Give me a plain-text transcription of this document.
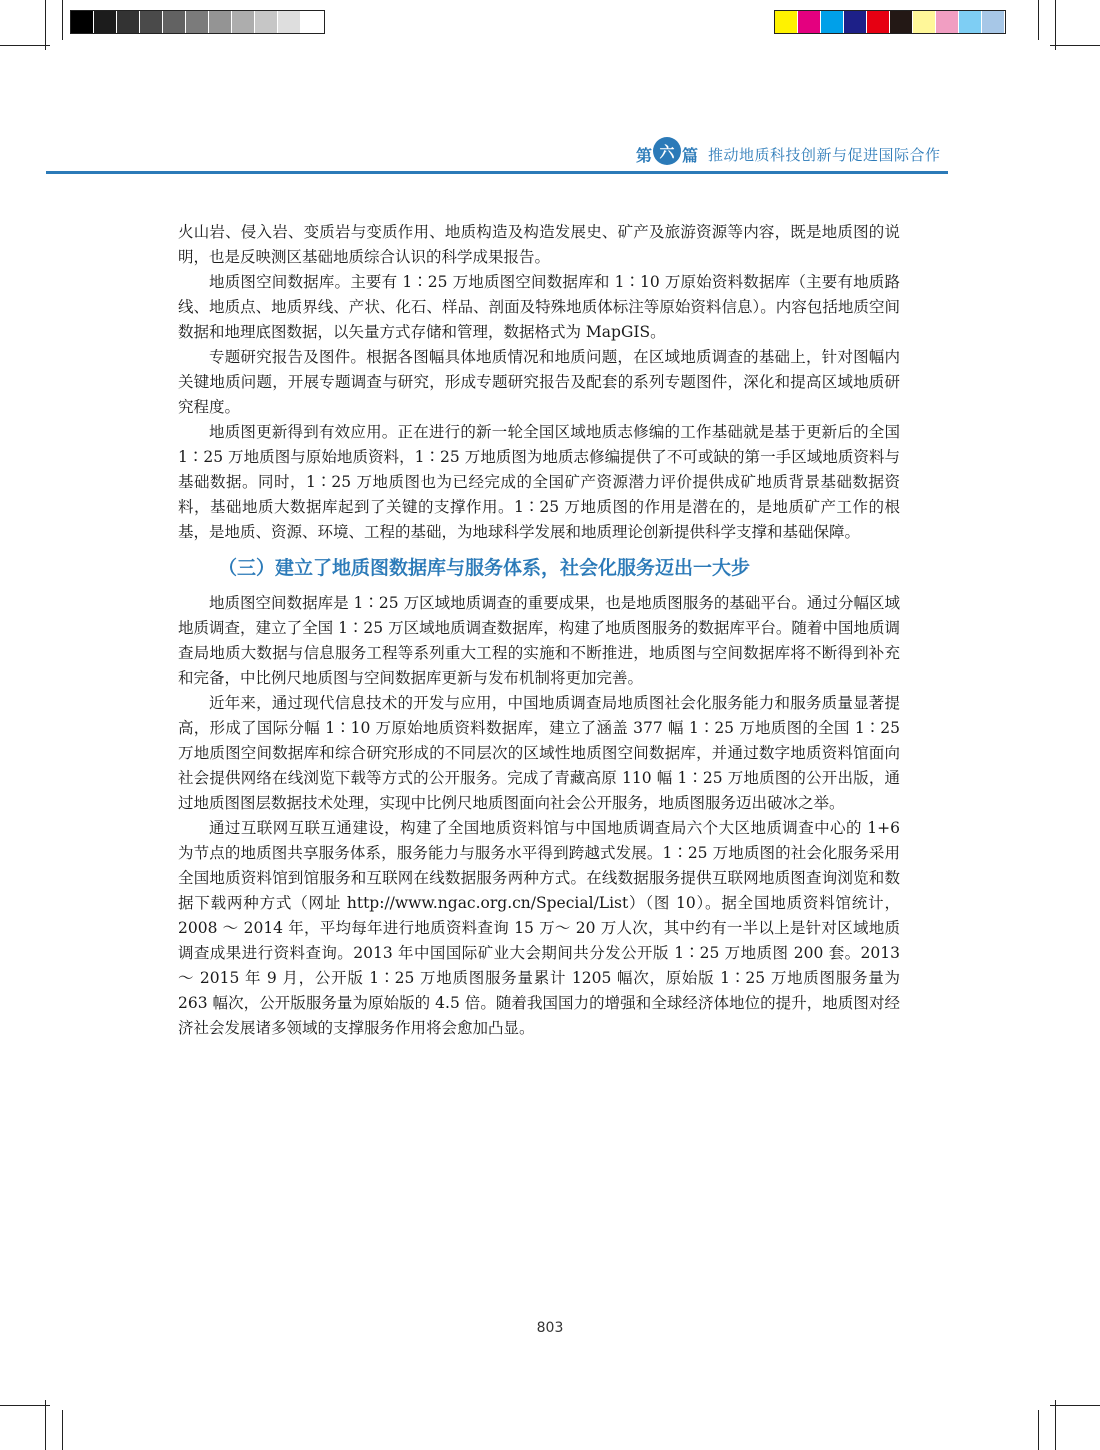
第 六 篇 推动地质科技创新与促进国际合作

火山岩、侵入岩、变质岩与变质作用、地质构造及构造发展史、矿产及旅游资源等内容，既是地质图的说明，也是反映测区基础地质综合认识的科学成果报告。

地质图空间数据库。主要有 1∶25 万地质图空间数据库和 1∶10 万原始资料数据库（主要有地质路线、地质点、地质界线、产状、化石、样品、剖面及特殊地质体标注等原始资料信息）。内容包括地质空间数据和地理底图数据，以矢量方式存储和管理，数据格式为 MapGIS。

专题研究报告及图件。根据各图幅具体地质情况和地质问题，在区域地质调查的基础上，针对图幅内关键地质问题，开展专题调查与研究，形成专题研究报告及配套的系列专题图件，深化和提高区域地质研究程度。

地质图更新得到有效应用。正在进行的新一轮全国区域地质志修编的工作基础就是基于更新后的全国 1∶25 万地质图与原始地质资料，1∶25 万地质图为地质志修编提供了不可或缺的第一手区域地质资料与基础数据。同时，1∶25 万地质图也为已经完成的全国矿产资源潜力评价提供成矿地质背景基础数据资料，基础地质大数据库起到了关键的支撑作用。1∶25 万地质图的作用是潜在的，是地质矿产工作的根基，是地质、资源、环境、工程的基础，为地球科学发展和地质理论创新提供科学支撑和基础保障。

（三）建立了地质图数据库与服务体系，社会化服务迈出一大步

地质图空间数据库是 1∶25 万区域地质调查的重要成果，也是地质图服务的基础平台。通过分幅区域地质调查，建立了全国 1∶25 万区域地质调查数据库，构建了地质图服务的数据库平台。随着中国地质调查局地质大数据与信息服务工程等系列重大工程的实施和不断推进，地质图与空间数据库将不断得到补充和完备，中比例尺地质图与空间数据库更新与发布机制将更加完善。

近年来，通过现代信息技术的开发与应用，中国地质调查局地质图社会化服务能力和服务质量显著提高，形成了国际分幅 1∶10 万原始地质资料数据库，建立了涵盖 377 幅 1∶25 万地质图的全国 1∶25 万地质图空间数据库和综合研究形成的不同层次的区域性地质图空间数据库，并通过数字地质资料馆面向社会提供网络在线浏览下载等方式的公开服务。完成了青藏高原 110 幅 1∶25 万地质图的公开出版，通过地质图图层数据技术处理，实现中比例尺地质图面向社会公开服务，地质图服务迈出破冰之举。

通过互联网互联互通建设，构建了全国地质资料馆与中国地质调查局六个大区地质调查中心的 1+6 为节点的地质图共享服务体系，服务能力与服务水平得到跨越式发展。1∶25 万地质图的社会化服务采用全国地质资料馆到馆服务和互联网在线数据服务两种方式。在线数据服务提供互联网地质图查询浏览和数据下载两种方式（网址 http://www.ngac.org.cn/Special/List）（图 10）。据全国地质资料馆统计，2008 ～ 2014 年，平均每年进行地质资料查询 15 万～ 20 万人次，其中约有一半以上是针对区域地质调查成果进行资料查询。2013 年中国国际矿业大会期间共分发公开版 1∶25 万地质图 200 套。2013 ～ 2015 年 9 月，公开版 1∶25 万地质图服务量累计 1205 幅次，原始版 1∶25 万地质图服务量为 263 幅次，公开版服务量为原始版的 4.5 倍。随着我国国力的增强和全球经济体地位的提升，地质图对经济社会发展诸多领域的支撑服务作用将会愈加凸显。

803
